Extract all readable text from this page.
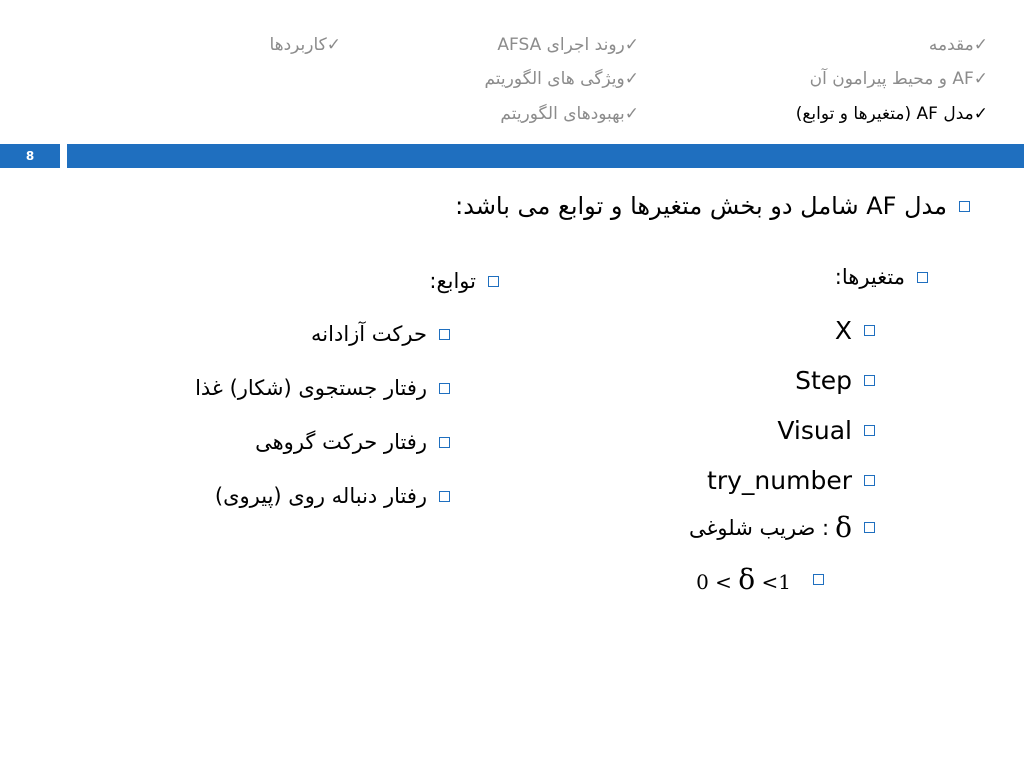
✓مقدمه
✓AF و محیط پیرامون آن
✓مدل AF (متغیرها و توابع)
✓روند اجرای AFSA
✓ویژگی های الگوریتم
✓بهبودهای الگوریتم
✓کاربردها
8
مدل AF شامل دو بخش متغیرها و توابع می باشد:
متغیرها:
X
Step
Visual
try_number
δ
: ضریب شلوغی
0 < δ <1
توابع:
حرکت آزادانه
رفتار جستجوی (شکار) غذا
رفتار حرکت گروهی
رفتار دنباله روی (پیروی)
